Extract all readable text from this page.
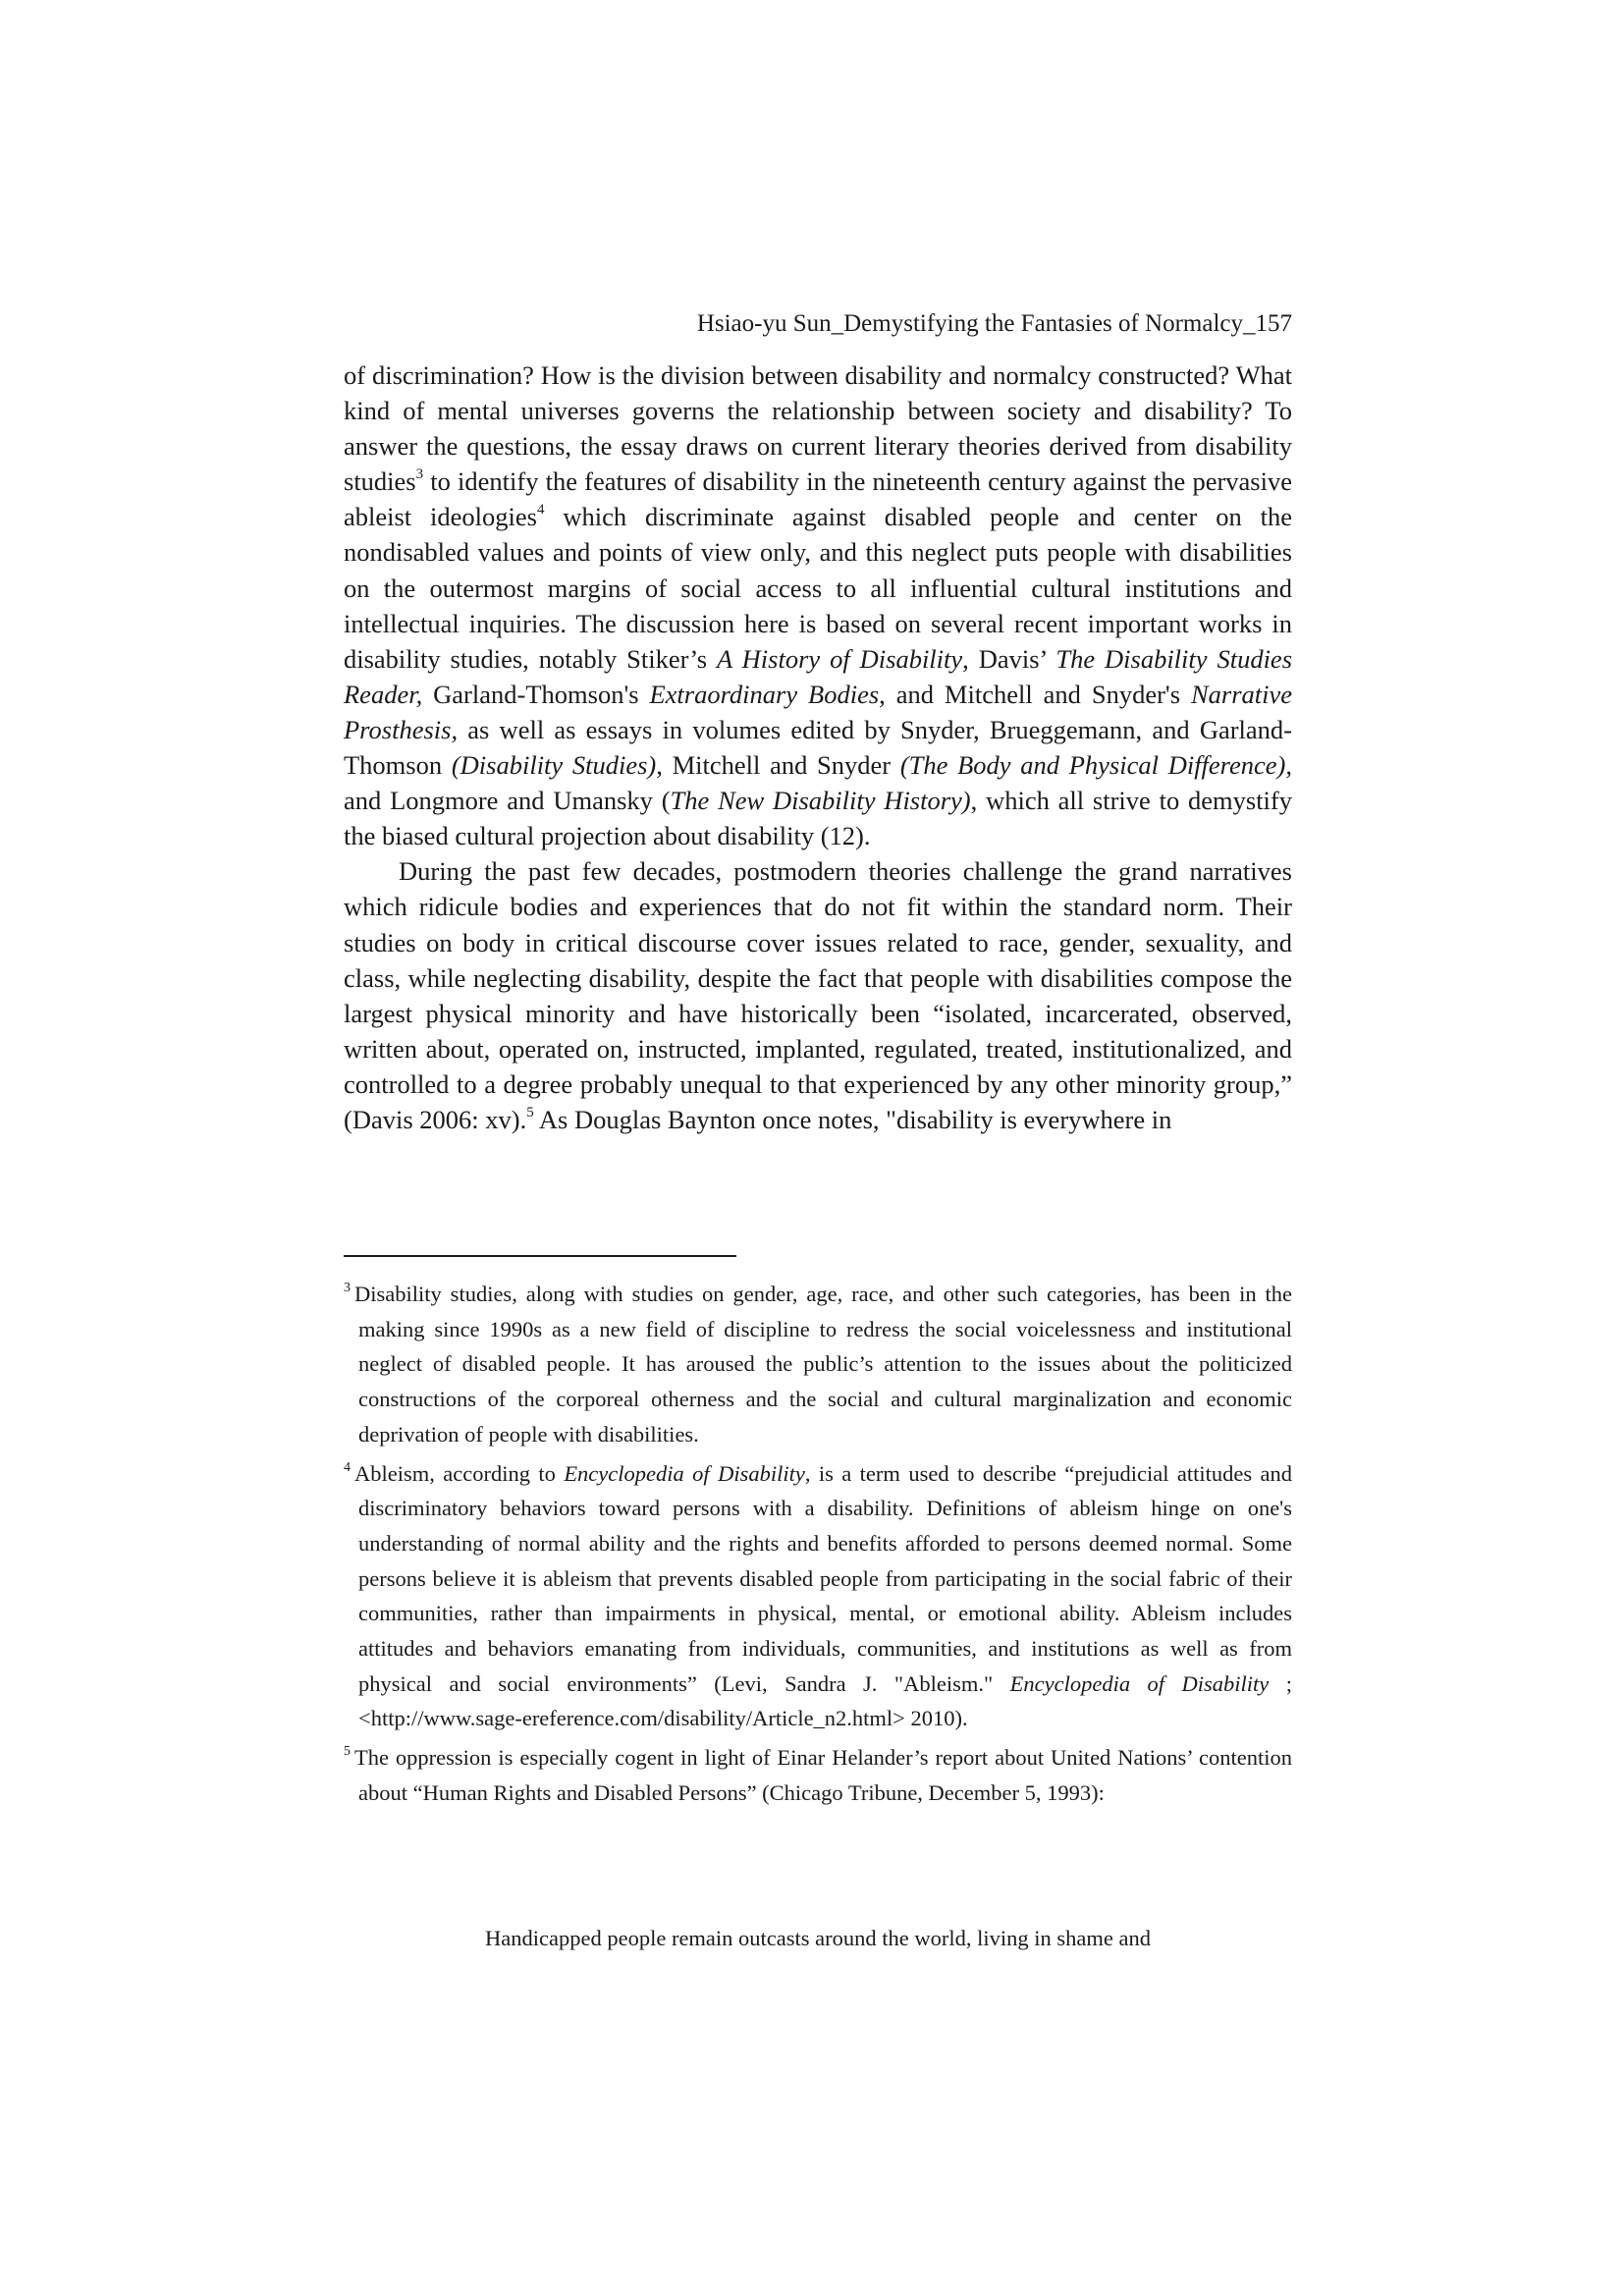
Hsiao-yu Sun_Demystifying the Fantasies of Normalcy_157

of discrimination? How is the division between disability and normalcy constructed? What kind of mental universes governs the relationship between society and disability? To answer the questions, the essay draws on current literary theories derived from disability studies$^3$ to identify the features of disability in the nineteenth century against the pervasive ableist ideologies$^4$ which discriminate against disabled people and center on the nondisabled values and points of view only, and this neglect puts people with disabilities on the outermost margins of social access to all influential cultural institutions and intellectual inquiries. The discussion here is based on several recent important works in disability studies, notably Stiker’s A History of Disability, Davis’ The Disability Studies Reader, Garland-Thomson's Extraordinary Bodies, and Mitchell and Snyder's Narrative Prosthesis, as well as essays in volumes edited by Snyder, Brueggemann, and Garland-Thomson (Disability Studies), Mitchell and Snyder (The Body and Physical Difference), and Longmore and Umansky (The New Disability History), which all strive to demystify the biased cultural projection about disability (12).

During the past few decades, postmodern theories challenge the grand narratives which ridicule bodies and experiences that do not fit within the standard norm. Their studies on body in critical discourse cover issues related to race, gender, sexuality, and class, while neglecting disability, despite the fact that people with disabilities compose the largest physical minority and have historically been “isolated, incarcerated, observed, written about, operated on, instructed, implanted, regulated, treated, institutionalized, and controlled to a degree probably unequal to that experienced by any other minority group,” (Davis 2006: xv).$^5$ As Douglas Baynton once notes, "disability is everywhere in

$^3$ Disability studies, along with studies on gender, age, race, and other such categories, has been in the making since 1990s as a new field of discipline to redress the social voicelessness and institutional neglect of disabled people. It has aroused the public’s attention to the issues about the politicized constructions of the corporeal otherness and the social and cultural marginalization and economic deprivation of people with disabilities.

$^4$ Ableism, according to Encyclopedia of Disability, is a term used to describe “prejudicial attitudes and discriminatory behaviors toward persons with a disability. Definitions of ableism hinge on one's understanding of normal ability and the rights and benefits afforded to persons deemed normal. Some persons believe it is ableism that prevents disabled people from participating in the social fabric of their communities, rather than impairments in physical, mental, or emotional ability. Ableism includes attitudes and behaviors emanating from individuals, communities, and institutions as well as from physical and social environments” (Levi, Sandra J. "Ableism." Encyclopedia of Disability ; <http://www.sage-ereference.com/disability/Article_n2.html> 2010).

$^5$ The oppression is especially cogent in light of Einar Helander’s report about United Nations’ contention about “Human Rights and Disabled Persons” (Chicago Tribune, December 5, 1993):

Handicapped people remain outcasts around the world, living in shame and
